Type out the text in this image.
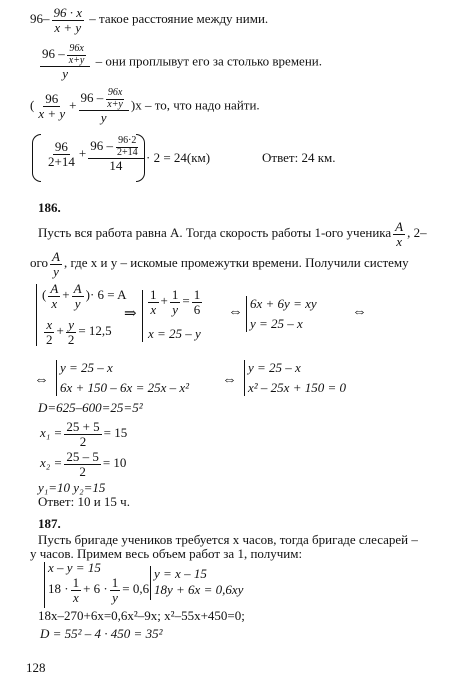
$96- \frac{96 \cdot x}{x + y}$ – такое расстояние между ними.
$\frac{96 - \frac{96x}{x+y}}{y}$ – они проплывут его за столько времени.
( $\frac{96}{x + y} + \frac{96 - \frac{96x}{x+y}}{y} )x$ – то, что надо найти.
$\frac{96}{2+14} + \frac{96 - \frac{96\cdot 2}{2+14}}{14} \cdot 2 = 24(км)$	Ответ: 24 км.
186.
Пусть вся работа равна A. Тогда скорость работы 1-ого ученика $\frac{A}{x}$ , 2–
ого $\frac{A}{y}$ , где x и y – искомые промежутки времени. Получили систему
( $\frac{A}{x} + \frac{A}{y}$ )· 6 = A
$\frac{x}{2} + \frac{y}{2} = 12,5$
⇒ $\frac{1}{x} + \frac{1}{y} = \frac{1}{6}$
x = 25 – y
⇔
6x + 6y = xy
y = 25 – x
⇔
⇔
y = 25 – x
6x + 150 – 6x = 25x – x² ⇔
y = 25 – x
x² – 25x + 150 = 0
D=625–600=25=5²
$x_1 = \frac{25 + 5}{2} = 15$
$x_2 = \frac{25 - 5}{2} = 10$
y₁=10 y₂=15
Ответ: 10 и 15 ч.
187.
Пусть бригаде учеников требуется x часов, тогда бригаде слесарей –
y часов. Примем весь объем работ за 1, получим:
x – y = 15
$18 \cdot \frac{1}{x} + 6 \cdot \frac{1}{y} = 0,6$
y = x – 15
18y + 6x = 0,6xy
18x–270+6x=0,6x²–9x; x²–55x+450=0;
D = 55² – 4 · 450 = 35²
128
